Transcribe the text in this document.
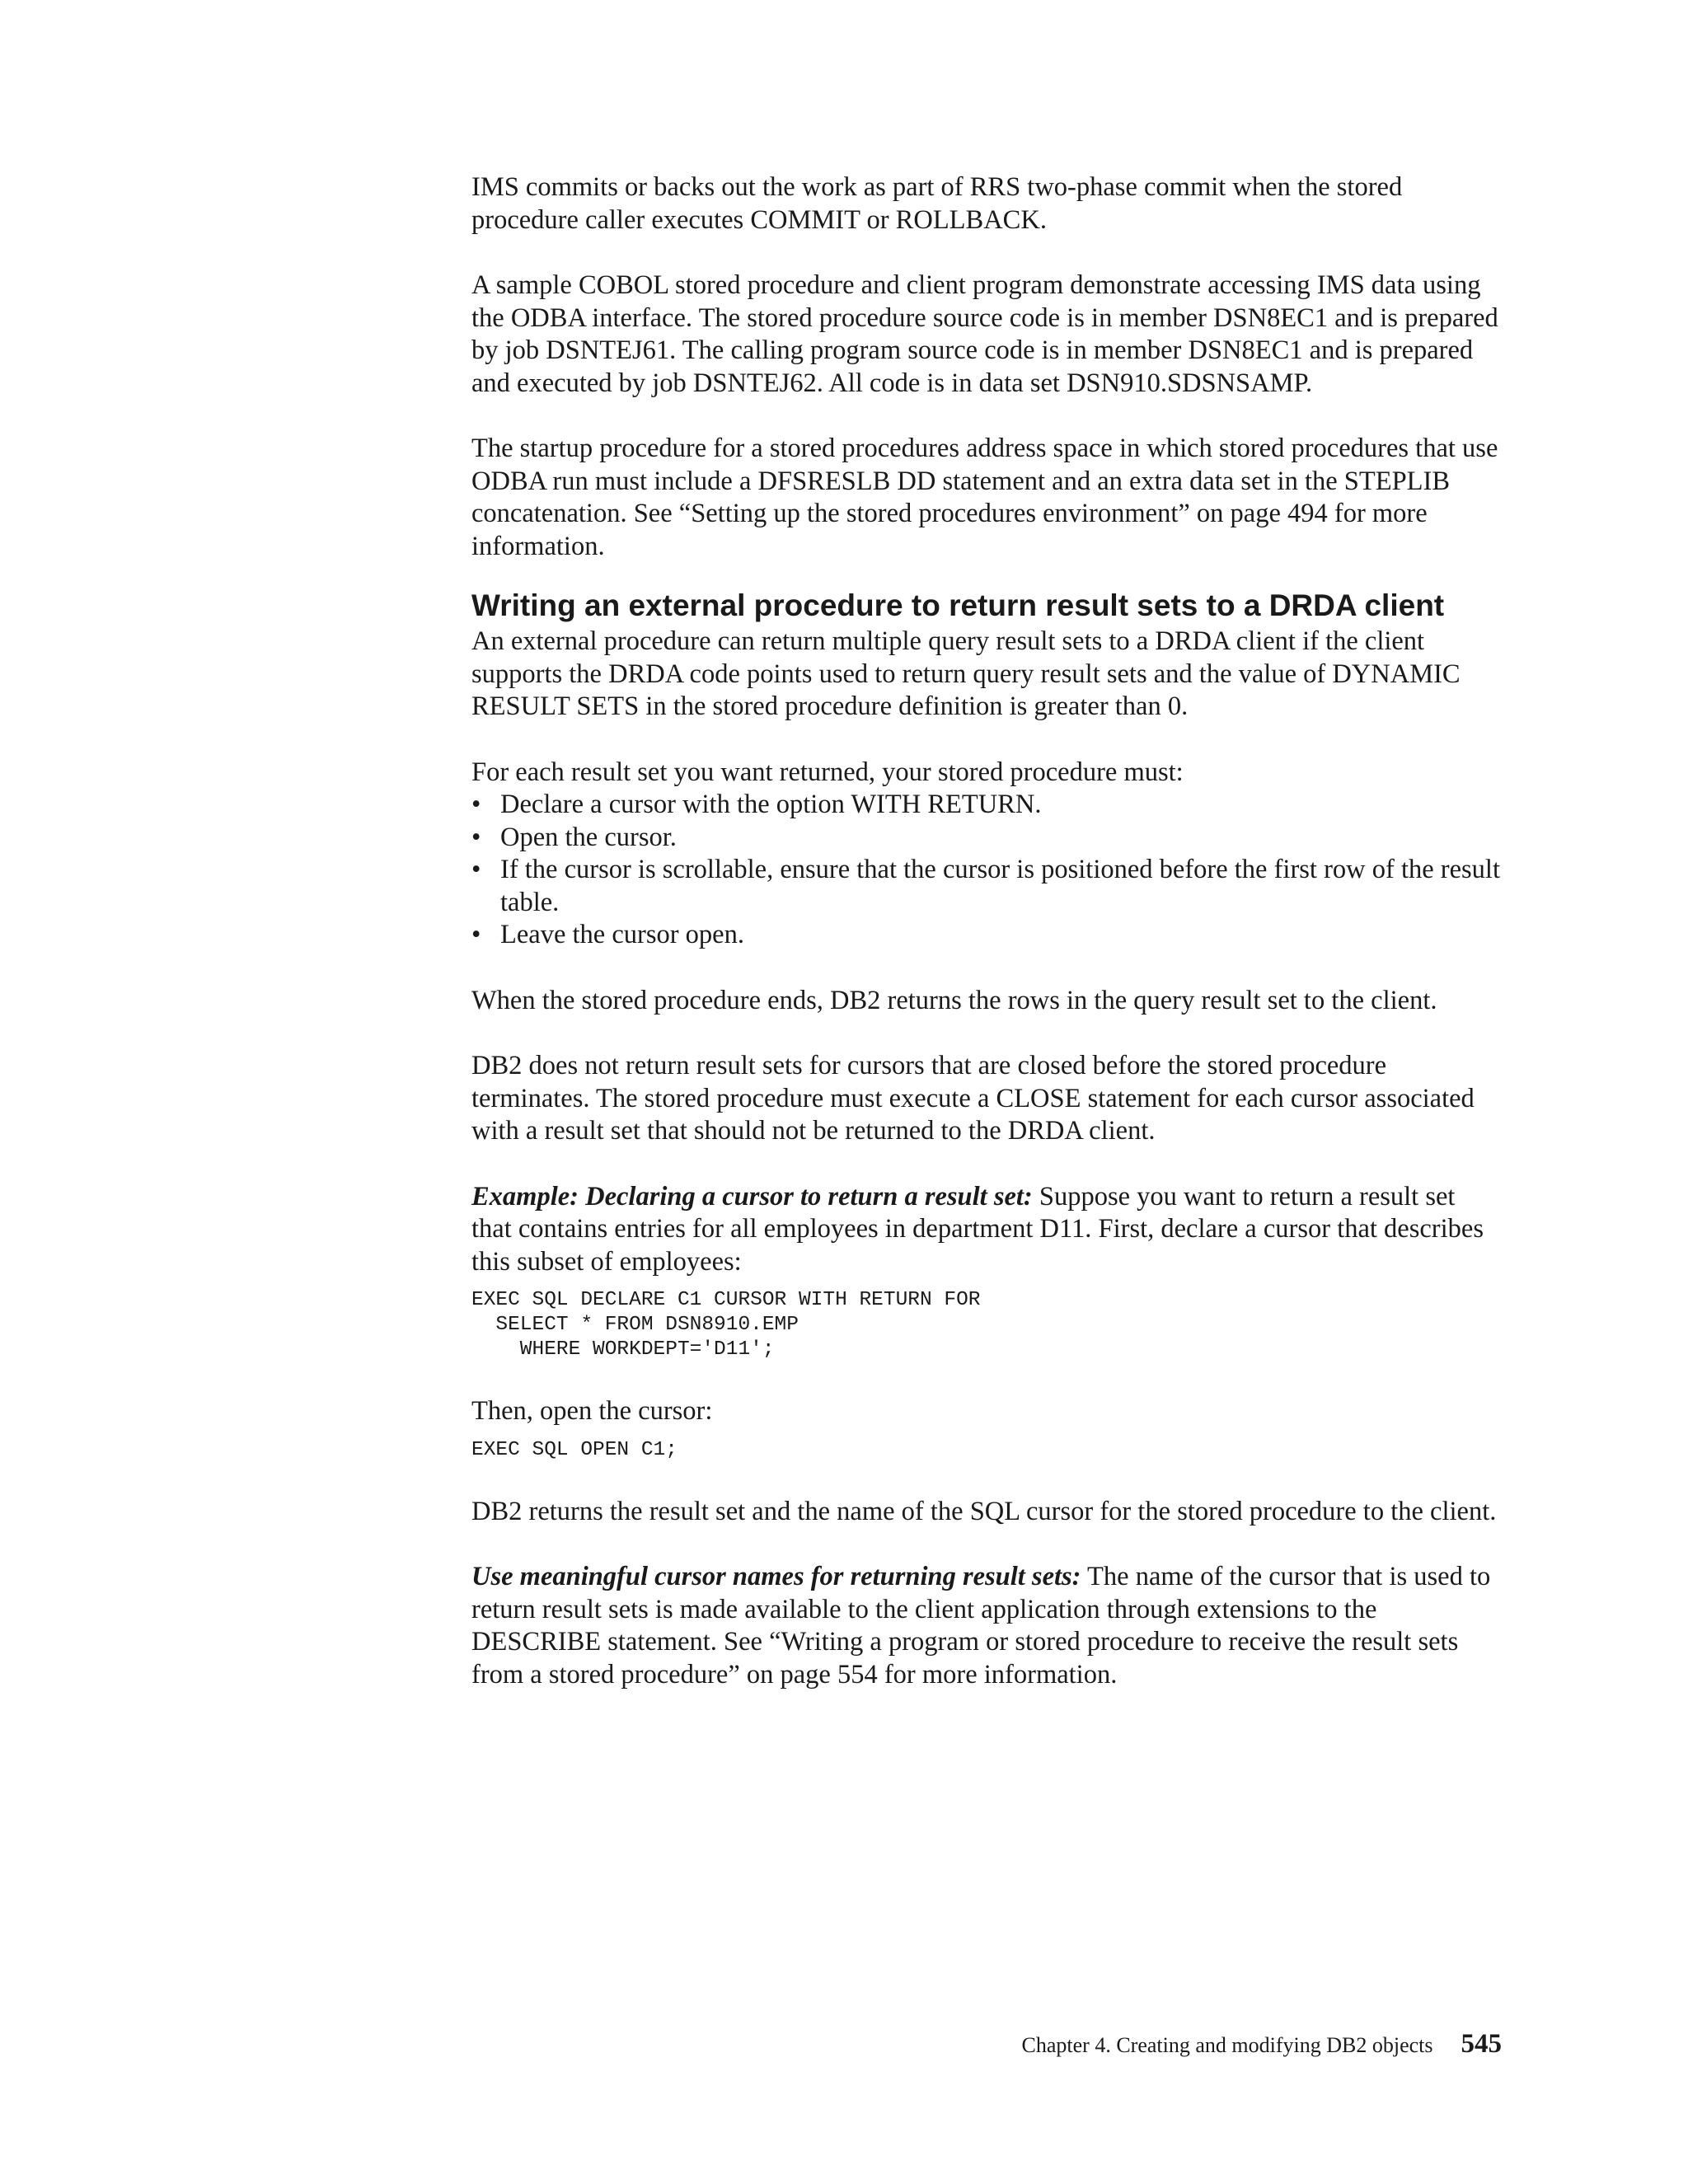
IMS commits or backs out the work as part of RRS two-phase commit when the stored procedure caller executes COMMIT or ROLLBACK.

A sample COBOL stored procedure and client program demonstrate accessing IMS data using the ODBA interface. The stored procedure source code is in member DSN8EC1 and is prepared by job DSNTEJ61. The calling program source code is in member DSN8EC1 and is prepared and executed by job DSNTEJ62. All code is in data set DSN910.SDSNSAMP.

The startup procedure for a stored procedures address space in which stored procedures that use ODBA run must include a DFSRESLB DD statement and an extra data set in the STEPLIB concatenation. See “Setting up the stored procedures environment” on page 494 for more information.

Writing an external procedure to return result sets to a DRDA client

An external procedure can return multiple query result sets to a DRDA client if the client supports the DRDA code points used to return query result sets and the value of DYNAMIC RESULT SETS in the stored procedure definition is greater than 0.

For each result set you want returned, your stored procedure must:

• Declare a cursor with the option WITH RETURN.
• Open the cursor.
• If the cursor is scrollable, ensure that the cursor is positioned before the first row of the result table.
• Leave the cursor open.

When the stored procedure ends, DB2 returns the rows in the query result set to the client.

DB2 does not return result sets for cursors that are closed before the stored procedure terminates. The stored procedure must execute a CLOSE statement for each cursor associated with a result set that should not be returned to the DRDA client.

Example: Declaring a cursor to return a result set: Suppose you want to return a result set that contains entries for all employees in department D11. First, declare a cursor that describes this subset of employees:

EXEC SQL DECLARE C1 CURSOR WITH RETURN FOR
SELECT * FROM DSN8910.EMP
WHERE WORKDEPT='D11';

Then, open the cursor:

EXEC SQL OPEN C1;

DB2 returns the result set and the name of the SQL cursor for the stored procedure to the client.

Use meaningful cursor names for returning result sets: The name of the cursor that is used to return result sets is made available to the client application through extensions to the DESCRIBE statement. See “Writing a program or stored procedure to receive the result sets from a stored procedure” on page 554 for more information.

Chapter 4. Creating and modifying DB2 objects 545
